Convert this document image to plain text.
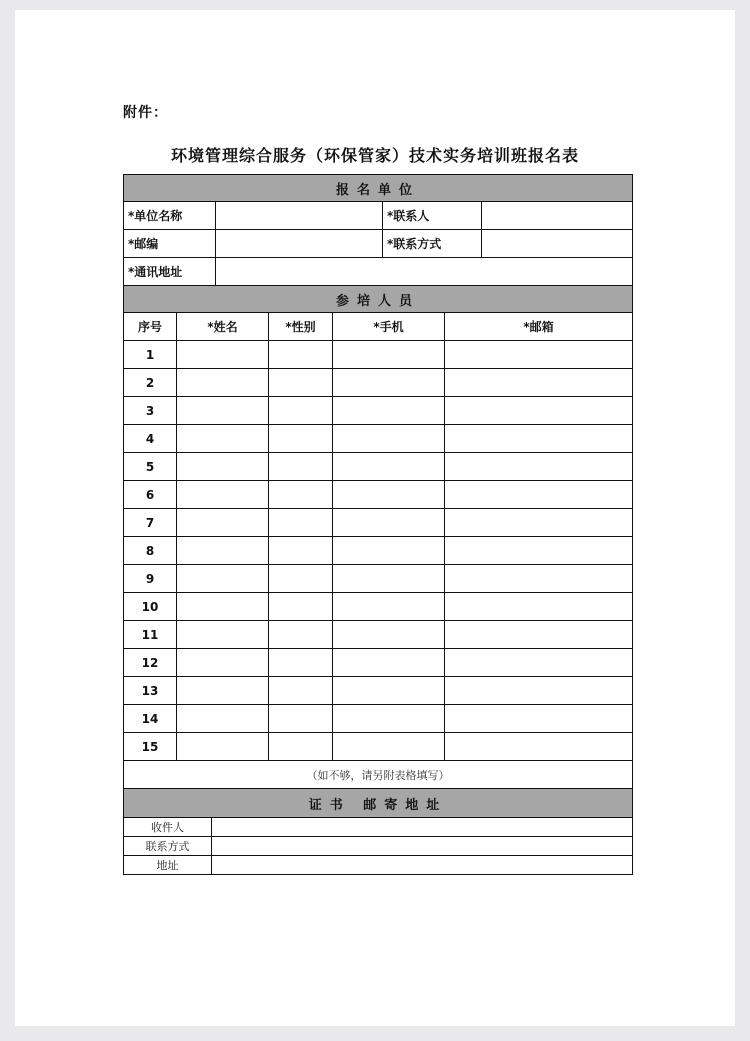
附件：
环境管理综合服务（环保管家）技术实务培训班报名表
报名单位			
*单位名称		*联系人	
*邮编		*联系方式	
*通讯地址			
参培人员				
序号	*姓名	*性别	*手机	*邮箱
1				
2				
3				
4				
5				
6				
7				
8				
9				
10				
11				
12				
13				
14				
15				
（如不够，请另附表格填写）				
证书 邮寄地址	
收件人	
联系方式	
地址	
